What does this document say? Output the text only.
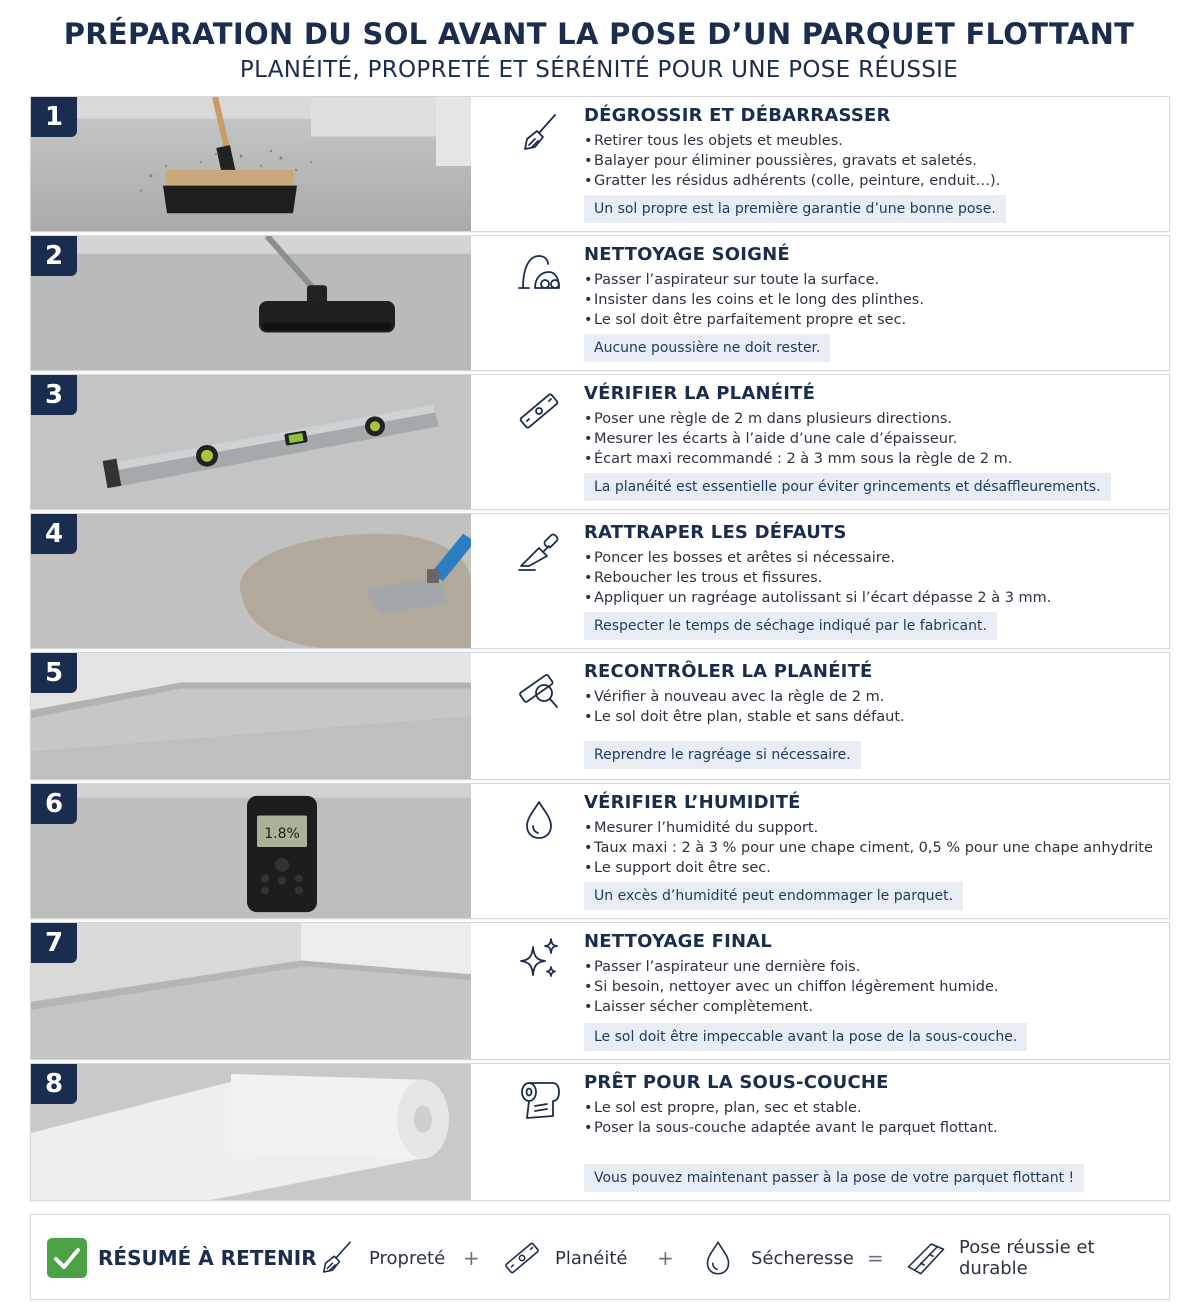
PRÉPARATION DU SOL AVANT LA POSE D’UN PARQUET FLOTTANT
PLANÉITÉ, PROPRETÉ ET SÉRÉNITÉ POUR UNE POSE RÉUSSIE
1	DÉGROSSIR ET DÉBARRASSER
• Retirer tous les objets et meubles.
• Balayer pour éliminer poussières, gravats et saletés.
• Gratter les résidus adhérents (colle, peinture, enduit…).
Un sol propre est la première garantie d’une bonne pose.
2	NETTOYAGE SOIGNÉ
• Passer l’aspirateur sur toute la surface.
• Insister dans les coins et le long des plinthes.
• Le sol doit être parfaitement propre et sec.
Aucune poussière ne doit rester.
3	VÉRIFIER LA PLANÉITÉ
• Poser une règle de 2 m dans plusieurs directions.
• Mesurer les écarts à l’aide d’une cale d’épaisseur.
• Écart maxi recommandé : 2 à 3 mm sous la règle de 2 m.
La planéité est essentielle pour éviter grincements et désaffleurements.
4	RATTRAPER LES DÉFAUTS
• Poncer les bosses et arêtes si nécessaire.
• Reboucher les trous et fissures.
• Appliquer un ragréage autolissant si l’écart dépasse 2 à 3 mm.
Respecter le temps de séchage indiqué par le fabricant.
5	RECONTRÔLER LA PLANÉITÉ
• Vérifier à nouveau avec la règle de 2 m.
• Le sol doit être plan, stable et sans défaut.
Reprendre le ragréage si nécessaire.
1.8%
6	VÉRIFIER L’HUMIDITÉ
• Mesurer l’humidité du support.
• Taux maxi : 2 à 3 % pour une chape ciment, 0,5 % pour une chape anhydrite
• Le support doit être sec.
Un excès d’humidité peut endommager le parquet.
7	NETTOYAGE FINAL
• Passer l’aspirateur une dernière fois.
• Si besoin, nettoyer avec un chiffon légèrement humide.
• Laisser sécher complètement.
Le sol doit être impeccable avant la pose de la sous-couche.
8	PRÊT POUR LA SOUS-COUCHE
• Le sol est propre, plan, sec et stable.
• Poser la sous-couche adaptée avant le parquet flottant.
Vous pouvez maintenant passer à la pose de votre parquet flottant !
RÉSUMÉ À RETENIR	Propreté +	Planéité +	Sécheresse =	Pose réussie et durable
